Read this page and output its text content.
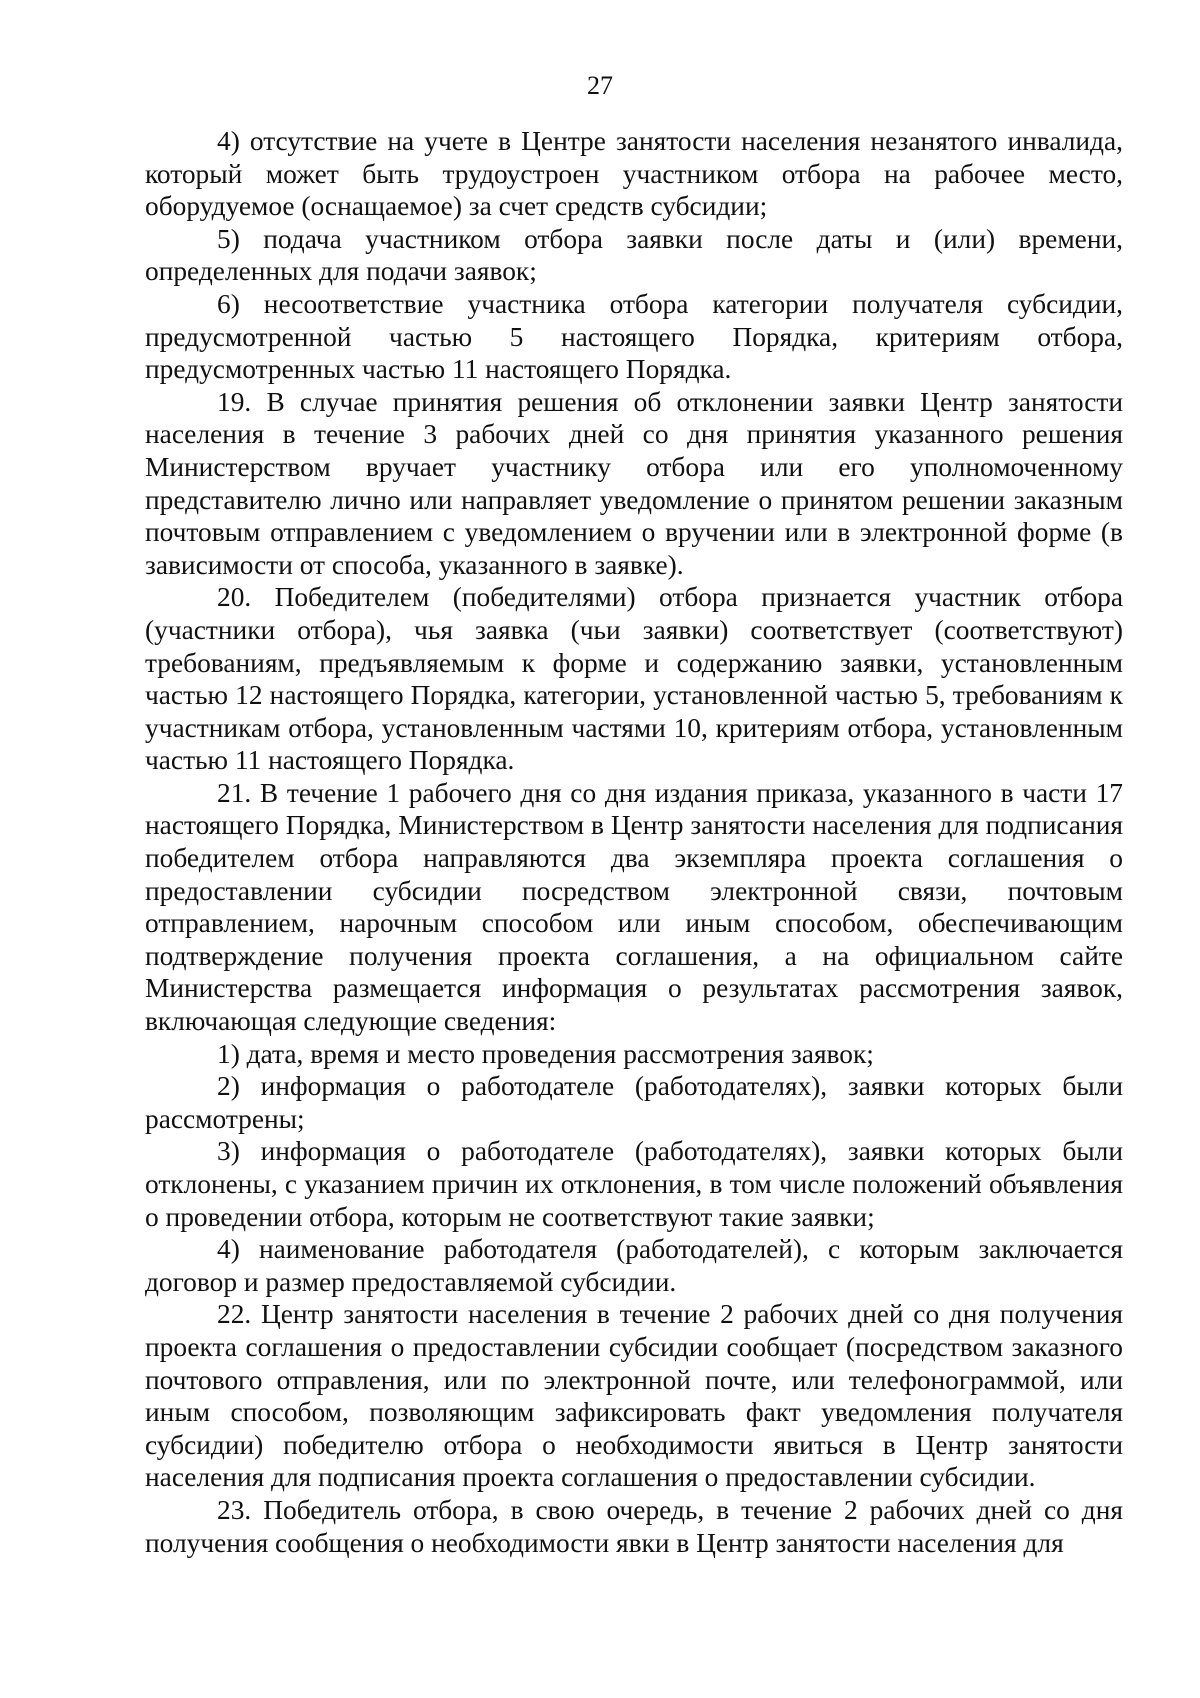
27

4) отсутствие на учете в Центре занятости населения незанятого инвалида, который может быть трудоустроен участником отбора на рабочее место, оборудуемое (оснащаемое) за счет средств субсидии;

5) подача участником отбора заявки после даты и (или) времени, определенных для подачи заявок;

6) несоответствие участника отбора категории получателя субсидии, предусмотренной частью 5 настоящего Порядка, критериям отбора, предусмотренных частью 11 настоящего Порядка.

19. В случае принятия решения об отклонении заявки Центр занятости населения в течение 3 рабочих дней со дня принятия указанного решения Министерством вручает участнику отбора или его уполномоченному представителю лично или направляет уведомление о принятом решении заказным почтовым отправлением с уведомлением о вручении или в электронной форме (в зависимости от способа, указанного в заявке).

20. Победителем (победителями) отбора признается участник отбора (участники отбора), чья заявка (чьи заявки) соответствует (соответствуют) требованиям, предъявляемым к форме и содержанию заявки, установленным частью 12 настоящего Порядка, категории, установленной частью 5, требованиям к участникам отбора, установленным частями 10, критериям отбора, установленным частью 11 настоящего Порядка.

21. В течение 1 рабочего дня со дня издания приказа, указанного в части 17 настоящего Порядка, Министерством в Центр занятости населения для подписания победителем отбора направляются два экземпляра проекта соглашения о предоставлении субсидии посредством электронной связи, почтовым отправлением, нарочным способом или иным способом, обеспечивающим подтверждение получения проекта соглашения, а на официальном сайте Министерства размещается информация о результатах рассмотрения заявок, включающая следующие сведения:

1) дата, время и место проведения рассмотрения заявок;

2) информация о работодателе (работодателях), заявки которых были рассмотрены;

3) информация о работодателе (работодателях), заявки которых были отклонены, с указанием причин их отклонения, в том числе положений объявления о проведении отбора, которым не соответствуют такие заявки;

4) наименование работодателя (работодателей), с которым заключается договор и размер предоставляемой субсидии.

22. Центр занятости населения в течение 2 рабочих дней со дня получения проекта соглашения о предоставлении субсидии сообщает (посредством заказного почтового отправления, или по электронной почте, или телефонограммой, или иным способом, позволяющим зафиксировать факт уведомления получателя субсидии) победителю отбора о необходимости явиться в Центр занятости населения для подписания проекта соглашения о предоставлении субсидии.

23. Победитель отбора, в свою очередь, в течение 2 рабочих дней со дня получения сообщения о необходимости явки в Центр занятости населения для
